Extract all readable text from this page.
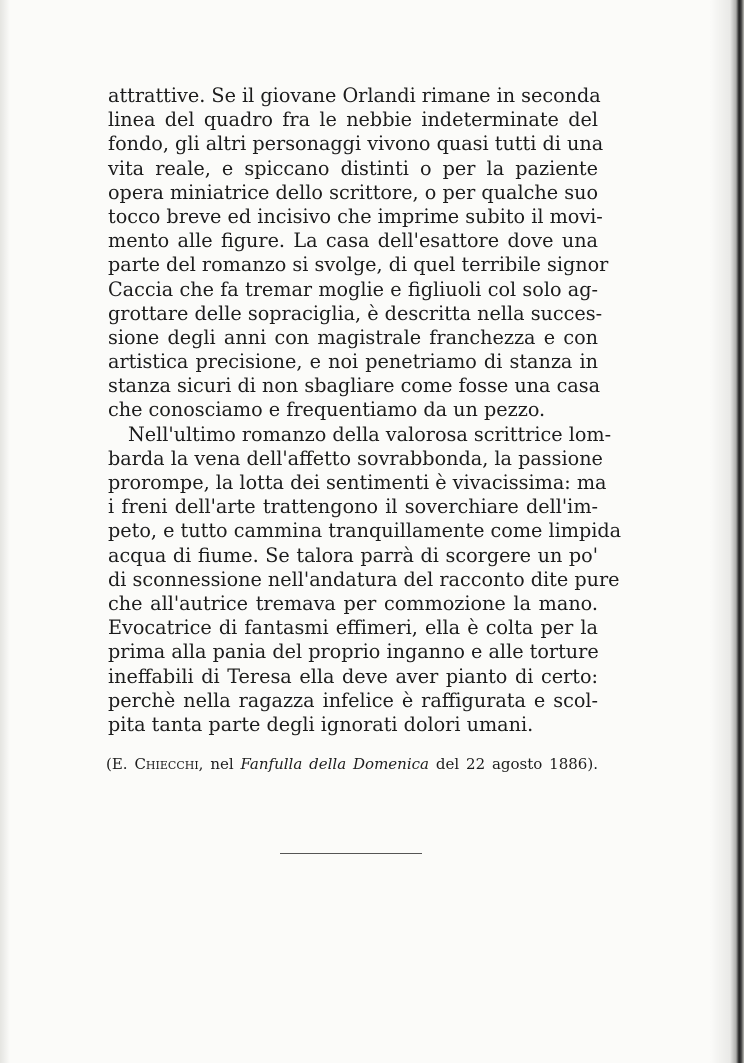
attrattive. Se il giovane Orlandi rimane in seconda
linea del quadro fra le nebbie indeterminate del
fondo, gli altri personaggi vivono quasi tutti di una
vita reale, e spiccano distinti o per la paziente
opera miniatrice dello scrittore, o per qualche suo
tocco breve ed incisivo che imprime subito il movi-
mento alle figure. La casa dell'esattore dove una
parte del romanzo si svolge, di quel terribile signor
Caccia che fa tremar moglie e figliuoli col solo ag-
grottare delle sopraciglia, è descritta nella succes-
sione degli anni con magistrale franchezza e con
artistica precisione, e noi penetriamo di stanza in
stanza sicuri di non sbagliare come fosse una casa
che conosciamo e frequentiamo da un pezzo.
Nell'ultimo romanzo della valorosa scrittrice lom-
barda la vena dell'affetto sovrabbonda, la passione
prorompe, la lotta dei sentimenti è vivacissima: ma
i freni dell'arte trattengono il soverchiare dell'im-
peto, e tutto cammina tranquillamente come limpida
acqua di fiume. Se talora parrà di scorgere un po'
di sconnessione nell'andatura del racconto dite pure
che all'autrice tremava per commozione la mano.
Evocatrice di fantasmi effimeri, ella è colta per la
prima alla pania del proprio inganno e alle torture
ineffabili di Teresa ella deve aver pianto di certo:
perchè nella ragazza infelice è raffigurata e scol-
pita tanta parte degli ignorati dolori umani.
(E. Chiecchi, nel Fanfulla della Domenica del 22 agosto 1886).
